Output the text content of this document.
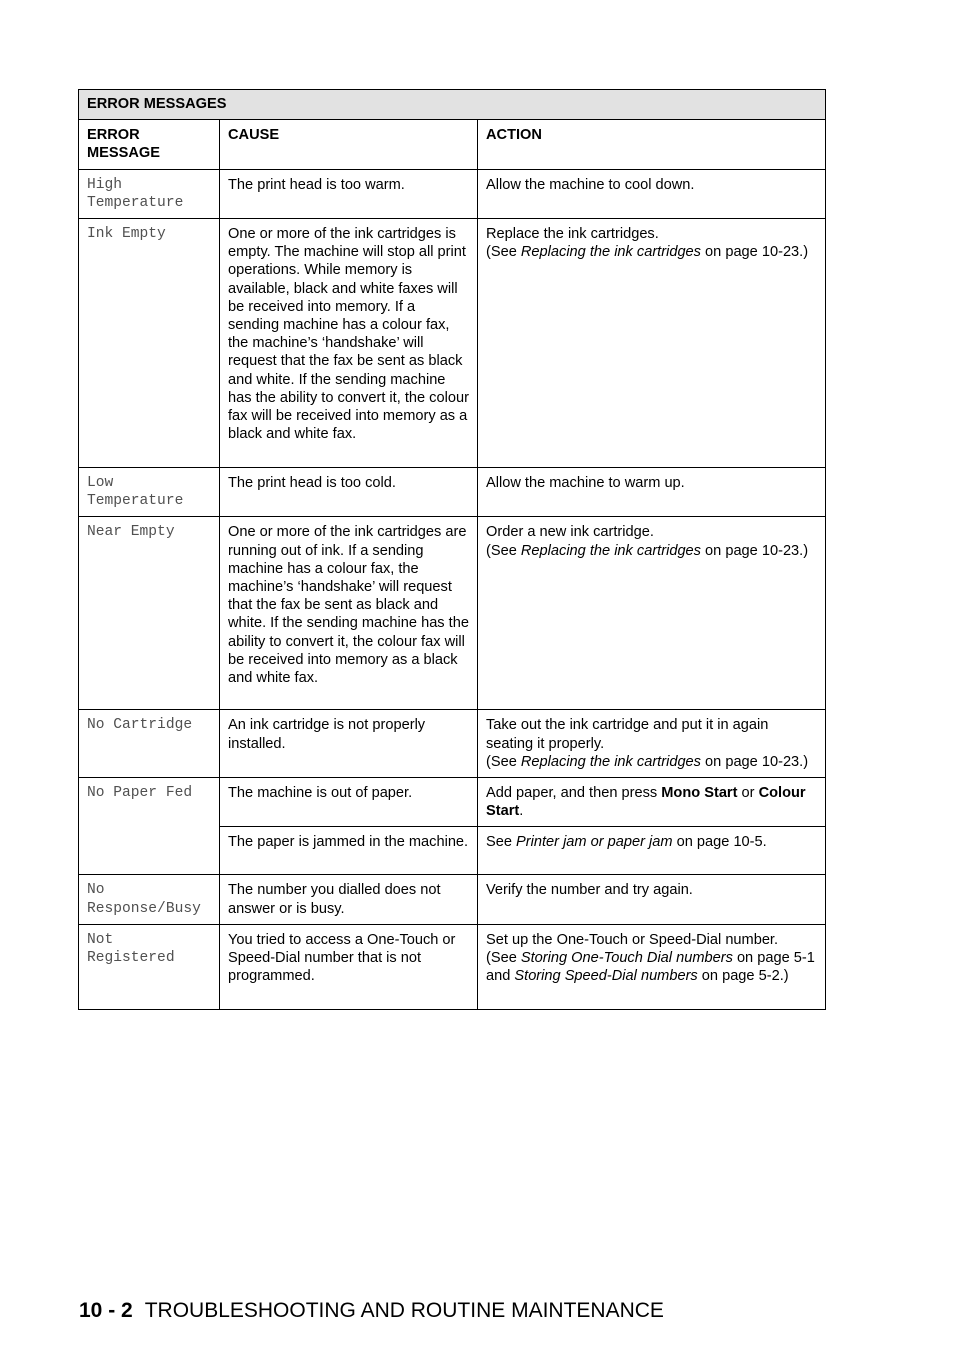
ERROR MESSAGES		

ERROR MESSAGE	CAUSE	ACTION

High Temperature	The print head is too warm.	Allow the machine to cool down.
Ink Empty	One or more of the ink cartridges is empty. The machine will stop all print operations. While memory is available, black and white faxes will be received into memory. If a sending machine has a colour fax, the machine’s ‘handshake’ will request that the fax be sent as black and white. If the sending machine has the ability to convert it, the colour fax will be received into memory as a black and white fax.	Replace the ink cartridges.
(See Replacing the ink cartridges on page 10-23.)

Low Temperature	The print head is too cold.	Allow the machine to warm up.
Near Empty	One or more of the ink cartridges are running out of ink. If a sending machine has a colour fax, the machine’s ‘handshake’ will request that the fax be sent as black and white. If the sending machine has the ability to convert it, the colour fax will be received into memory as a black and white fax.	Order a new ink cartridge.
(See Replacing the ink cartridges on page 10-23.)

No Cartridge	An ink cartridge is not properly installed.	Take out the ink cartridge and put it in again seating it properly.
(See Replacing the ink cartridges on page 10-23.)

No Paper Fed	The machine is out of paper.	Add paper, and then press Mono Start or Colour Start.
	The paper is jammed in the machine.	See Printer jam or paper jam on page 10-5.

No Response/Busy	The number you dialled does not answer or is busy.	Verify the number and try again.

Not Registered	You tried to access a One-Touch or Speed-Dial number that is not programmed.	Set up the One-Touch or Speed-Dial number.
(See Storing One-Touch Dial numbers on page 5-1 and Storing Speed-Dial numbers on page 5-2.)
10 - 2 TROUBLESHOOTING AND ROUTINE MAINTENANCE
